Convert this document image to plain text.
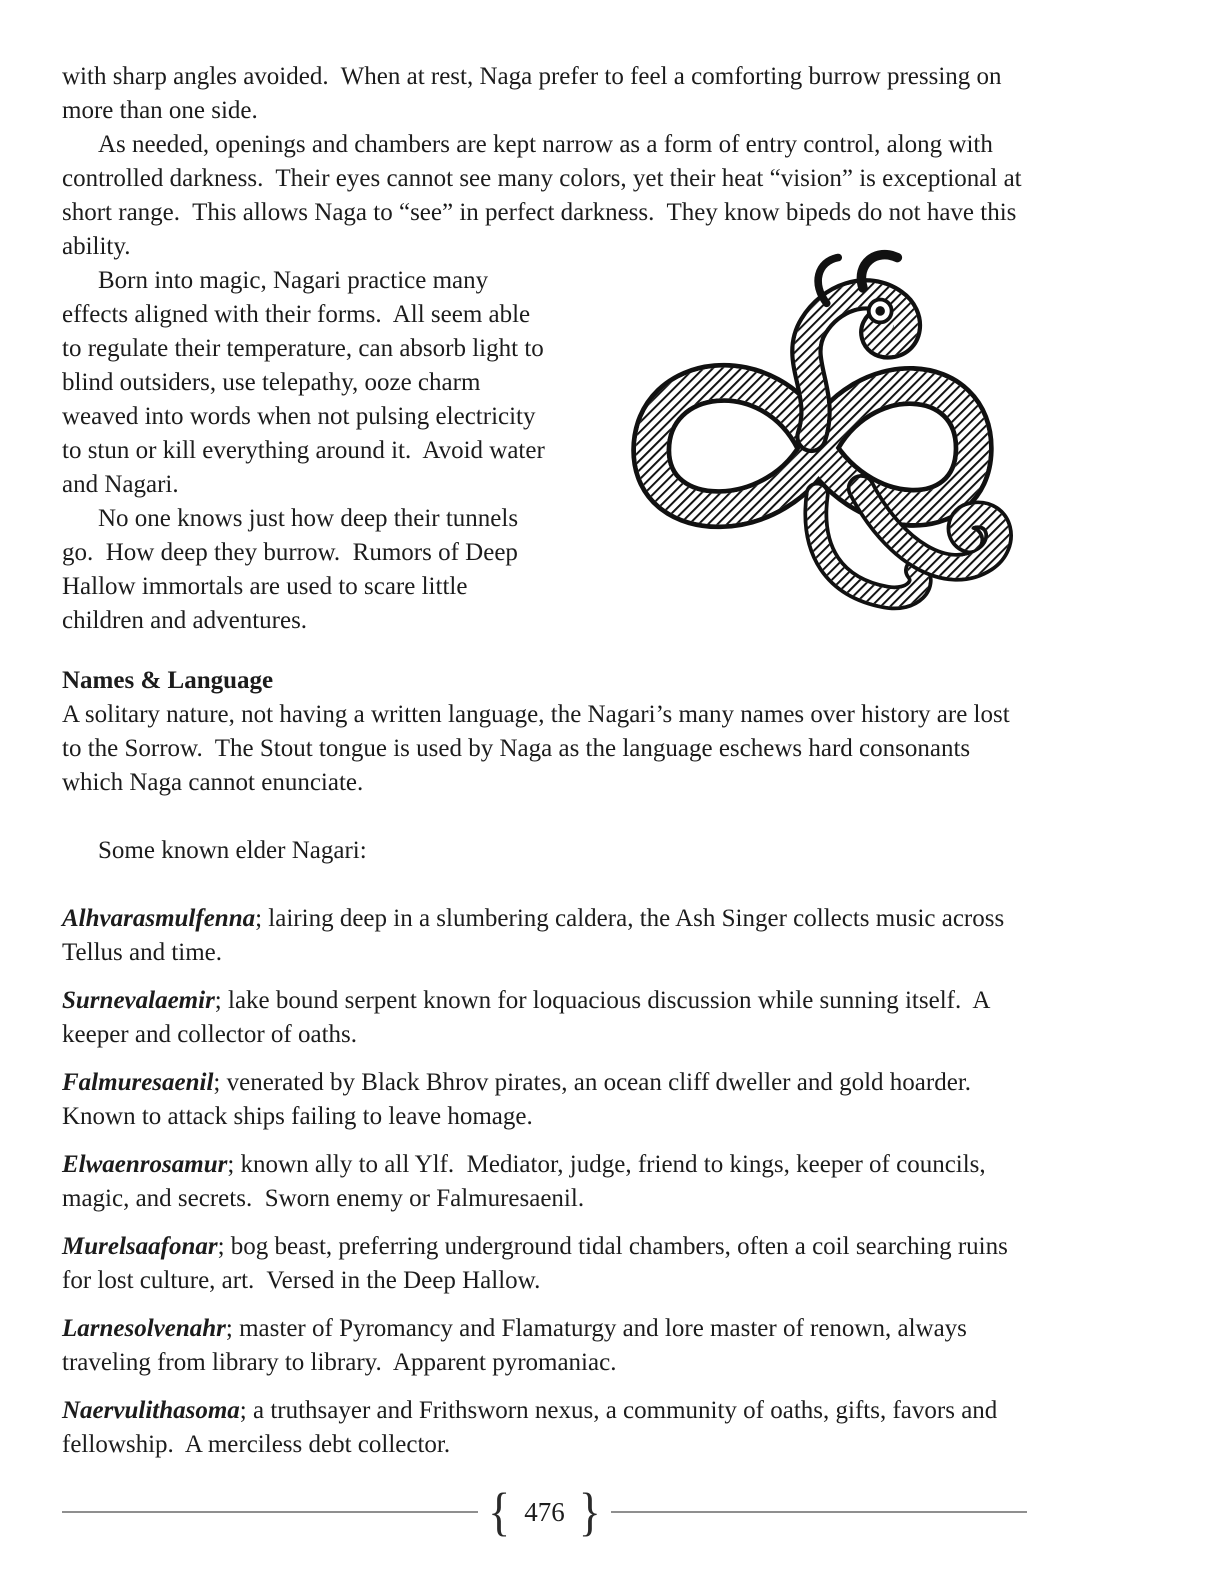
with sharp angles avoided.  When at rest, Naga prefer to feel a comforting burrow pressing on more than one side.

As needed, openings and chambers are kept narrow as a form of entry control, along with controlled darkness.  Their eyes cannot see many colors, yet their heat “vision” is exceptional at short range.  This allows Naga to “see” in perfect darkness.  They know bipeds do not have this ability.

Born into magic, Nagari practice many effects aligned with their forms.  All seem able to regulate their temperature, can absorb light to blind outsiders, use telepathy, ooze charm weaved into words when not pulsing electricity to stun or kill everything around it.  Avoid water and Nagari.

No one knows just how deep their tunnels go.  How deep they burrow.  Rumors of Deep Hallow immortals are used to scare little children and adventures.

Names & Language

A solitary nature, not having a written language, the Nagari’s many names over history are lost to the Sorrow.  The Stout tongue is used by Naga as the language eschews hard consonants which Naga cannot enunciate.

Some known elder Nagari:

Alhvarasmulfenna; lairing deep in a slumbering caldera, the Ash Singer collects music across Tellus and time.

Surnevalaemir; lake bound serpent known for loquacious discussion while sunning itself.  A keeper and collector of oaths.

Falmuresaenil; venerated by Black Bhrov pirates, an ocean cliff dweller and gold hoarder.  Known to attack ships failing to leave homage.

Elwaenrosamur; known ally to all Ylf.  Mediator, judge, friend to kings, keeper of councils, magic, and secrets.  Sworn enemy or Falmuresaenil.

Murelsaafonar; bog beast, preferring underground tidal chambers, often a coil searching ruins for lost culture, art.  Versed in the Deep Hallow.

Larnesolvenahr; master of Pyromancy and Flamaturgy and lore master of renown, always traveling from library to library.  Apparent pyromaniac.

Naervulithasoma; a truthsayer and Frithsworn nexus, a community of oaths, gifts, favors and fellowship.  A merciless debt collector.

{ 476 }
